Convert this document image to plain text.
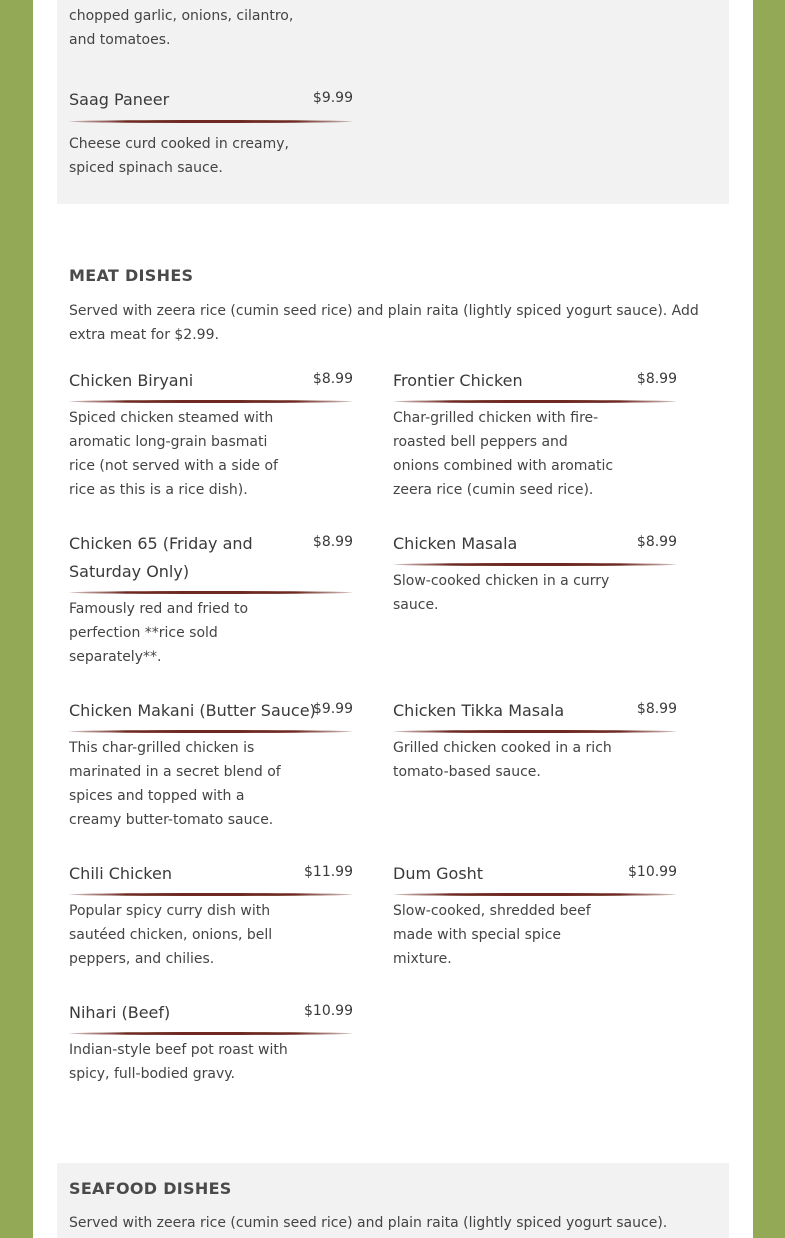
chopped garlic, onions, cilantro, and tomatoes.
Saag Paneer	$9.99
Cheese curd cooked in creamy, spiced spinach sauce.
MEAT DISHES
Served with zeera rice (cumin seed rice) and plain raita (lightly spiced yogurt sauce). Add extra meat for $2.99.
Chicken Biryani	$8.99
Spiced chicken steamed with aromatic long-grain basmati rice (not served with a side of rice as this is a rice dish).
Frontier Chicken	$8.99
Char-grilled chicken with fire-roasted bell peppers and onions combined with aromatic zeera rice (cumin seed rice).
Chicken 65 (Friday and Saturday Only)
$8.99
Famously red and fried to perfection **rice sold separately**.
Chicken Masala	$8.99
Slow-cooked chicken in a curry sauce.
Chicken Makani (Butter Sauce)
$9.99
This char-grilled chicken is marinated in a secret blend of spices and topped with a creamy butter-tomato sauce.
Chicken Tikka Masala	$8.99
Grilled chicken cooked in a rich tomato-based sauce.
Chili Chicken	$11.99
Popular spicy curry dish with sautéed chicken, onions, bell peppers, and chilies.
Dum Gosht	$10.99
Slow-cooked, shredded beef made with special spice mixture.
Nihari (Beef)	$10.99
Indian-style beef pot roast with spicy, full-bodied gravy.
SEAFOOD DISHES
Served with zeera rice (cumin seed rice) and plain raita (lightly spiced yogurt sauce).
